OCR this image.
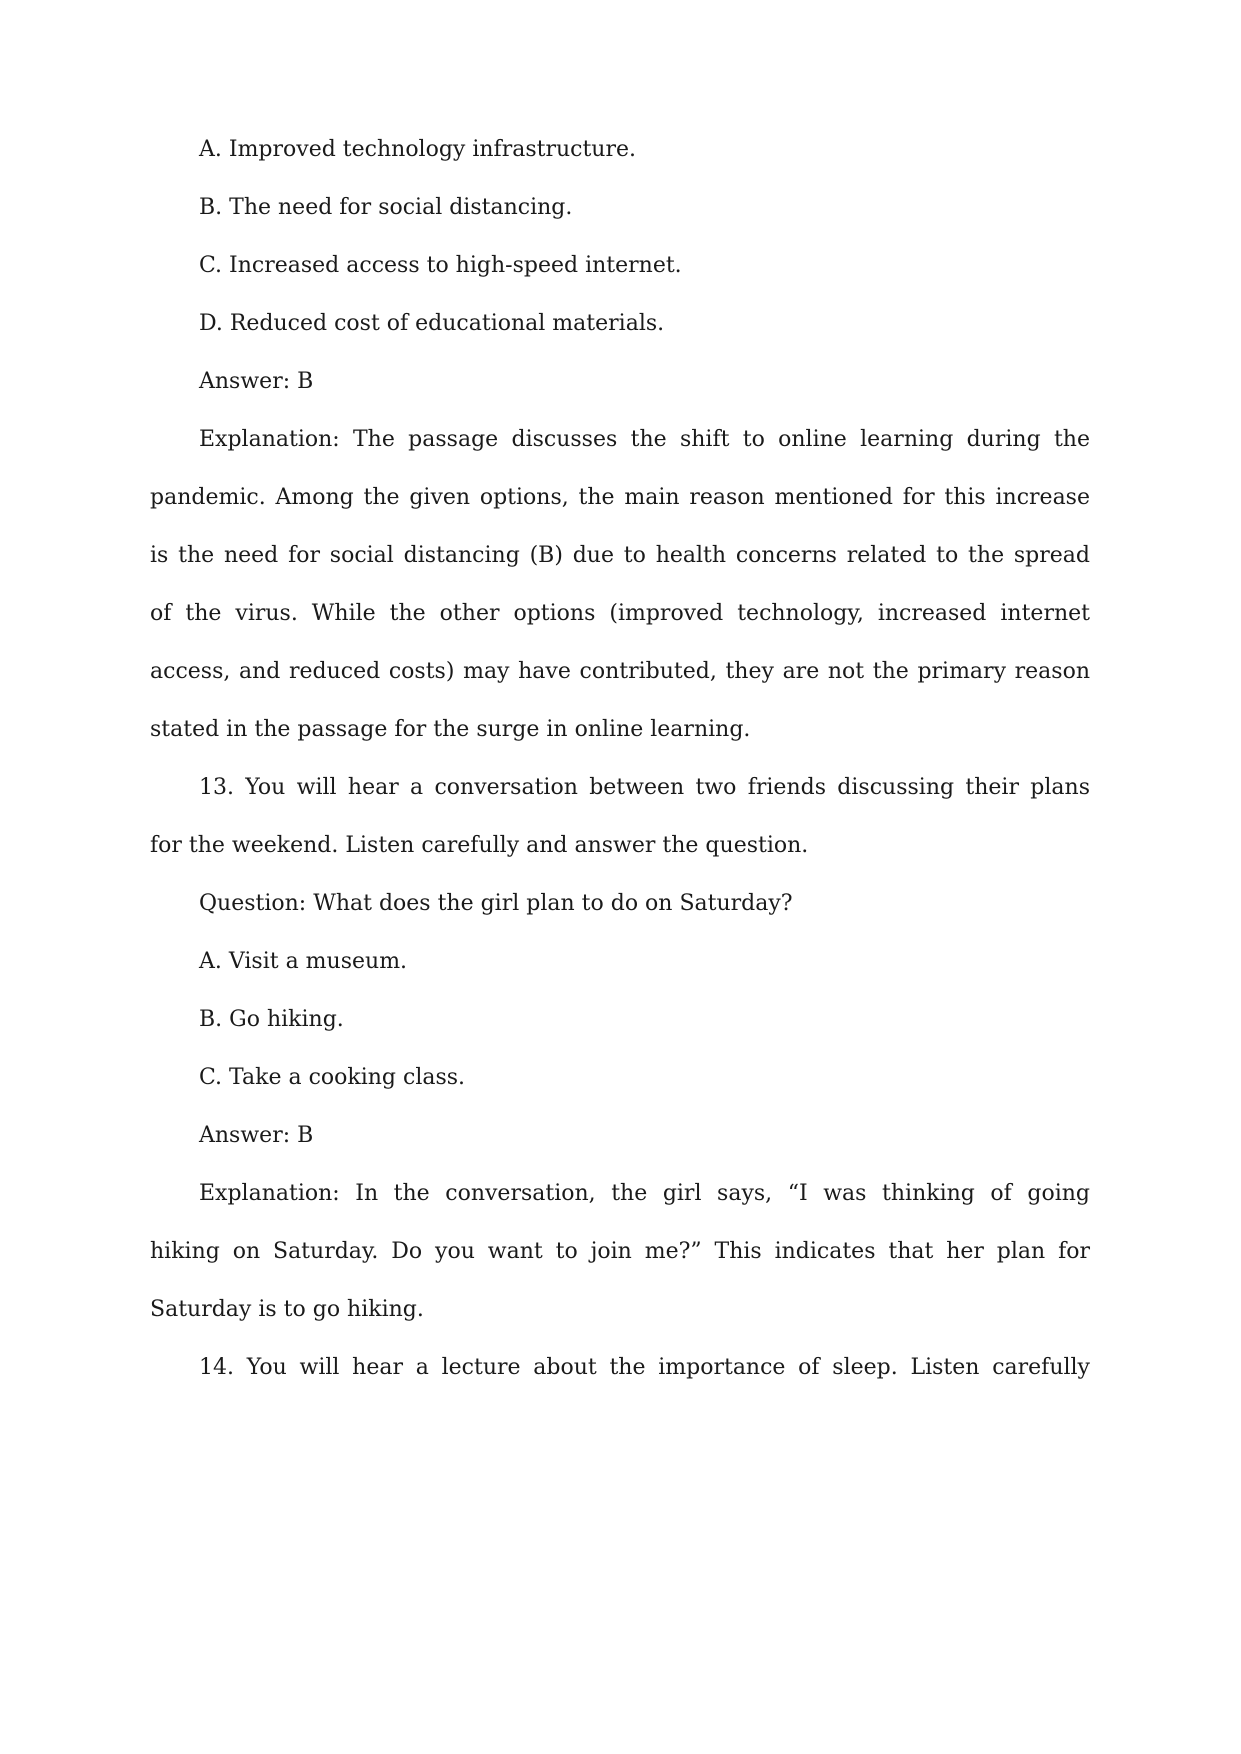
A. Improved technology infrastructure.
B. The need for social distancing.
C. Increased access to high-speed internet.
D. Reduced cost of educational materials.
Answer: B
Explanation: The passage discusses the shift to online learning during the
pandemic. Among the given options, the main reason mentioned for this increase
is the need for social distancing (B) due to health concerns related to the spread
of the virus. While the other options (improved technology, increased internet
access, and reduced costs) may have contributed, they are not the primary reason
stated in the passage for the surge in online learning.
13. You will hear a conversation between two friends discussing their plans
for the weekend. Listen carefully and answer the question.
Question: What does the girl plan to do on Saturday?
A. Visit a museum.
B. Go hiking.
C. Take a cooking class.
Answer: B
Explanation: In the conversation, the girl says, “I was thinking of going
hiking on Saturday. Do you want to join me?” This indicates that her plan for
Saturday is to go hiking.
14. You will hear a lecture about the importance of sleep. Listen carefully
